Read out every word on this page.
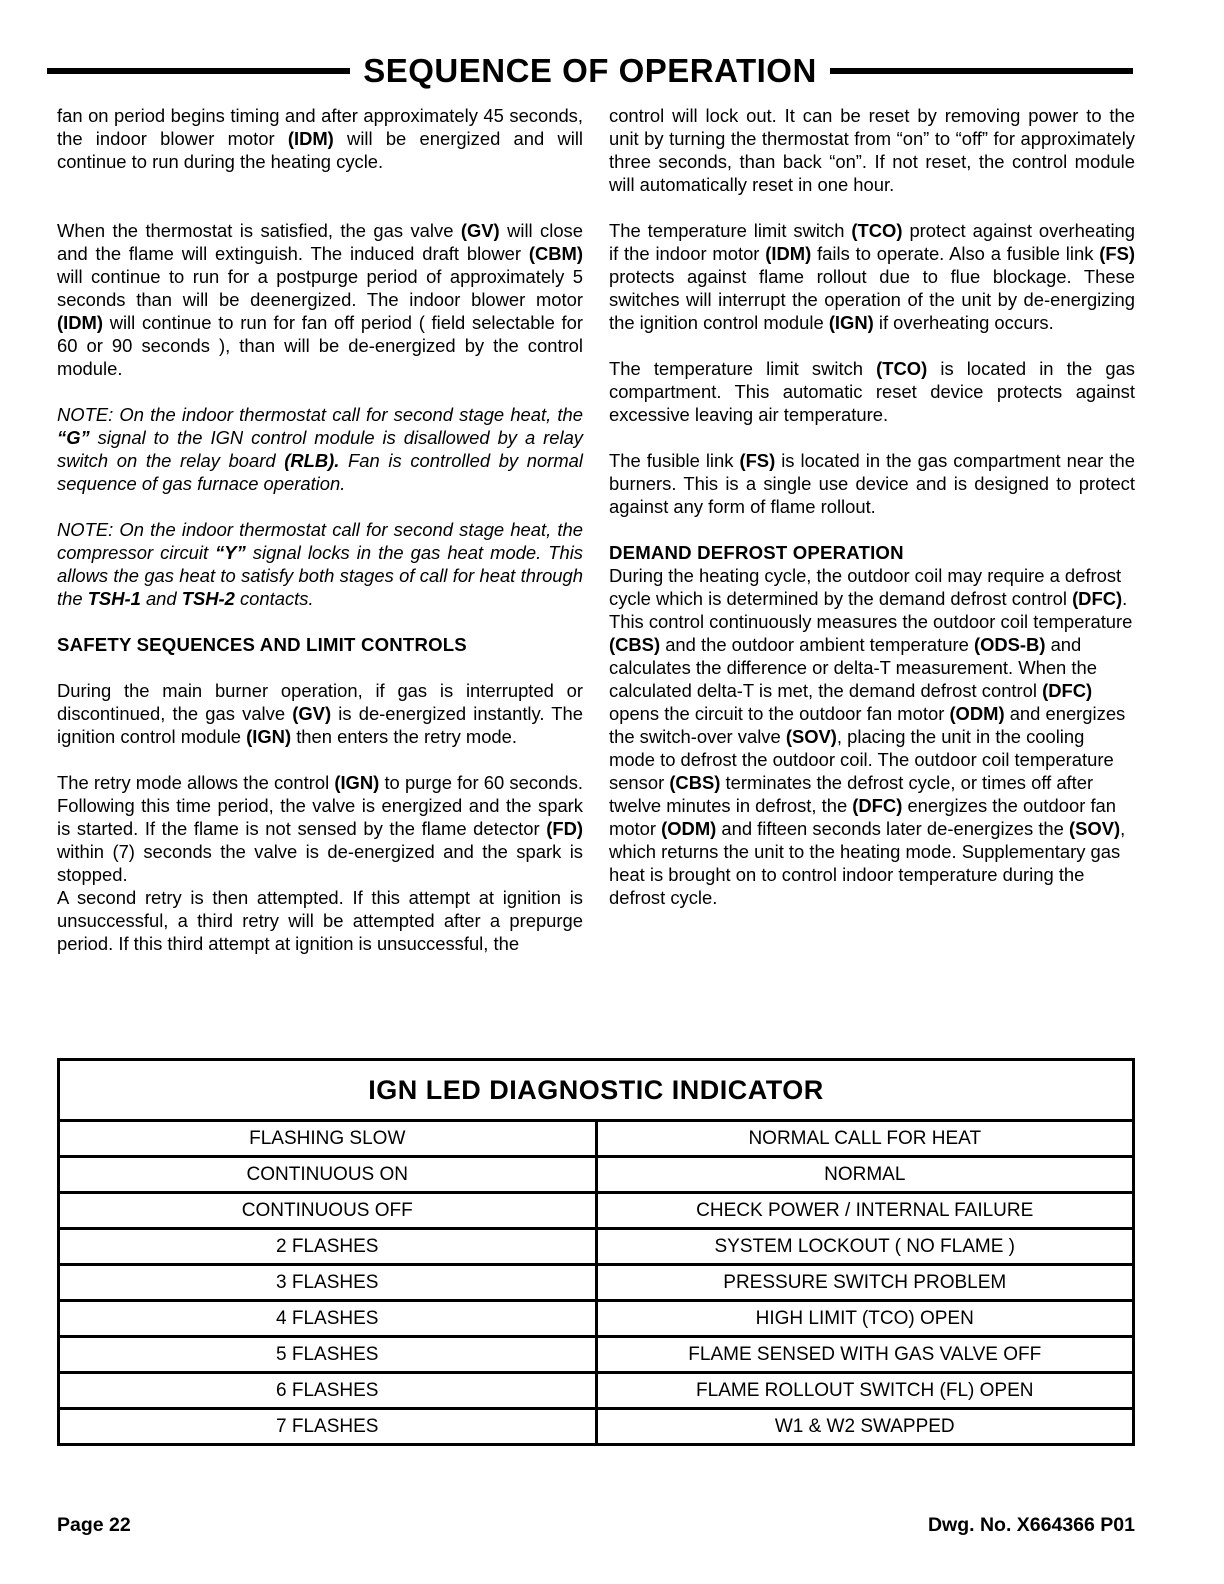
SEQUENCE OF OPERATION

fan on period begins timing and after approximately 45 seconds, the indoor blower motor (IDM) will be energized and will continue to run during the heating cycle.

When the thermostat is satisfied, the gas valve (GV) will close and the flame will extinguish. The induced draft blower (CBM) will continue to run for a postpurge period of approximately 5 seconds than will be deenergized. The indoor blower motor (IDM) will continue to run for fan off period ( field selectable for 60 or 90 seconds ), than will be de-energized by the control module.

NOTE: On the indoor thermostat call for second stage heat, the “G” signal to the IGN control module is disallowed by a relay switch on the relay board (RLB). Fan is controlled by normal sequence of gas furnace operation.

NOTE: On the indoor thermostat call for second stage heat, the compressor circuit “Y” signal locks in the gas heat mode. This allows the gas heat to satisfy both stages of call for heat through the TSH-1 and TSH-2 contacts.

SAFETY SEQUENCES AND LIMIT CONTROLS

During the main burner operation, if gas is interrupted or discontinued, the gas valve (GV) is de-energized instantly. The ignition control module (IGN) then enters the retry mode.

The retry mode allows the control (IGN) to purge for 60 seconds. Following this time period, the valve is energized and the spark is started. If the flame is not sensed by the flame detector (FD) within (7) seconds the valve is de-energized and the spark is stopped.

A second retry is then attempted. If this attempt at ignition is unsuccessful, a third retry will be attempted after a prepurge period. If this third attempt at ignition is unsuccessful, the

control will lock out. It can be reset by removing power to the unit by turning the thermostat from “on” to “off” for approximately three seconds, than back “on”. If not reset, the control module will automatically reset in one hour.

The temperature limit switch (TCO) protect against overheating if the indoor motor (IDM) fails to operate. Also a fusible link (FS) protects against flame rollout due to flue blockage. These switches will interrupt the operation of the unit by de-energizing the ignition control module (IGN) if overheating occurs.

The temperature limit switch (TCO) is located in the gas compartment. This automatic reset device protects against excessive leaving air temperature.

The fusible link (FS) is located in the gas compartment near the burners. This is a single use device and is designed to protect against any form of flame rollout.

DEMAND DEFROST OPERATION

During the heating cycle, the outdoor coil may require a defrost cycle which is determined by the demand defrost control (DFC). This control continuously measures the outdoor coil temperature (CBS) and the outdoor ambient temperature (ODS-B) and calculates the difference or delta-T measurement. When the calculated delta-T is met, the demand defrost control (DFC) opens the circuit to the outdoor fan motor (ODM) and energizes the switch-over valve (SOV), placing the unit in the cooling mode to defrost the outdoor coil. The outdoor coil temperature sensor (CBS) terminates the defrost cycle, or times off after twelve minutes in defrost, the (DFC) energizes the outdoor fan motor (ODM) and fifteen seconds later de-energizes the (SOV), which returns the unit to the heating mode. Supplementary gas heat is brought on to control indoor temperature during the defrost cycle.

IGN LED DIAGNOSTIC INDICATOR	
FLASHING SLOW	NORMAL CALL FOR HEAT
CONTINUOUS ON	NORMAL
CONTINUOUS OFF	CHECK POWER / INTERNAL FAILURE
2 FLASHES	SYSTEM LOCKOUT ( NO FLAME )
3 FLASHES	PRESSURE SWITCH PROBLEM
4 FLASHES	HIGH LIMIT (TCO) OPEN
5 FLASHES	FLAME SENSED WITH GAS VALVE OFF
6 FLASHES	FLAME ROLLOUT SWITCH (FL) OPEN
7 FLASHES	W1 & W2 SWAPPED
Page 22	Dwg. No. X664366 P01
